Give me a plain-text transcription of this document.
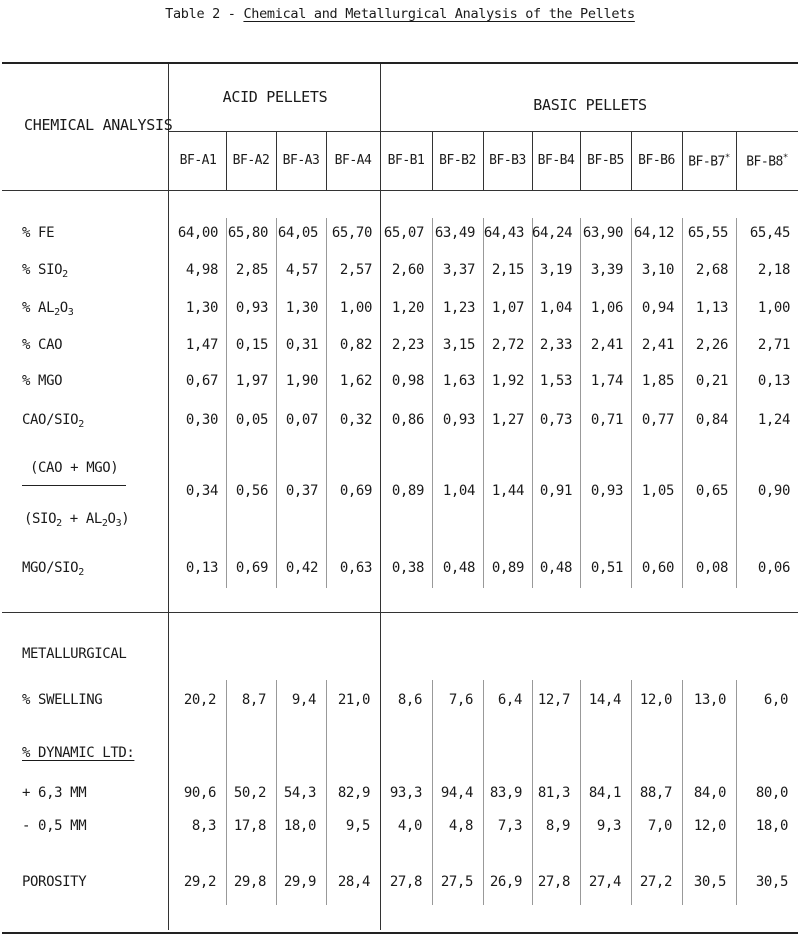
Table 2 - Chemical and Metallurgical Analysis of the Pellets
CHEMICAL ANALYSIS
ACID PELLETS	BASIC PELLETS
BF-A1	BF-A2	BF-A3	BF-A4	BF-B1	BF-B2	BF-B3 BF-B4 BF-B5	BF-B6	BF-B7*	BF-B8*
% FE	64,00 65,80 64,05 65,70 65,07 63,49 64,43 64,24 63,90 64,12 65,55	65,45
% $SIO_2$	4,98	2,85	4,57	2,57	2,60	3,37	2,15	3,19	3,39	3,10	2,68	2,18
% $AL_2O_3$	1,30	0,93	1,30	1,00	1,20	1,23	1,07	1,04	1,06	0,94	1,13	1,00
% CAO	1,47	0,15	0,31	0,82	2,23	3,15	2,72	2,33	2,41	2,41	2,26	2,71
% MGO	0,67	1,97	1,90	1,62	0,98	1,63	1,92	1,53	1,74	1,85	0,21	0,13
CAO/$SIO_2$	0,30	0,05	0,07	0,32	0,86	0,93	1,27	0,73	0,71	0,77	0,84	1,24
(CAO + MGO)
$(SIO_2 + AL_2O_3)$
0,34	0,56	0,37	0,69	0,89	1,04	1,44	0,91	0,93	1,05	0,65	0,90
MGO/$SIO_2$	0,13	0,69	0,42	0,63	0,38	0,48	0,89	0,48	0,51	0,60	0,08	0,06
METALLURGICAL
% DYNAMIC LTD:
% SWELLING	20,2	8,7	9,4	21,0	8,6	7,6	6,4	12,7	14,4	12,0	13,0	6,0
+ 6,3 MM	90,6	50,2	54,3	82,9	93,3	94,4	83,9	81,3	84,1	88,7	84,0	80,0
- 0,5 MM	8,3	17,8	18,0	9,5	4,0	4,8	7,3	8,9	9,3	7,0	12,0	18,0
POROSITY	29,2	29,8	29,9	28,4	27,8	27,5	26,9	27,8	27,4	27,2	30,5	30,5
